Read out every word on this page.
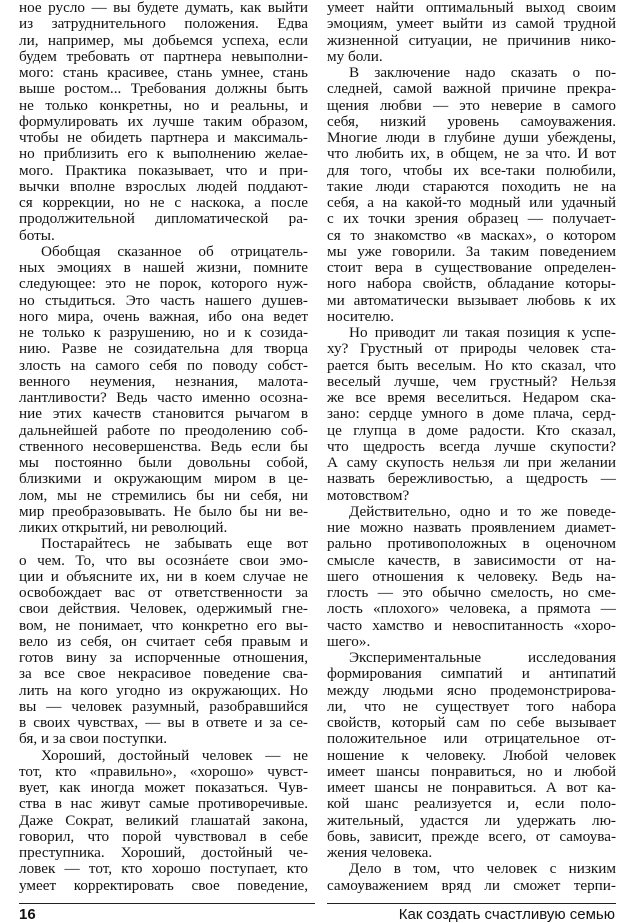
ное русло — вы будете думать, как выйти
из затруднительного положения. Едва
ли, например, мы добьемся успеха, если
будем требовать от партнера невыполни-
мого: стань красивее, стань умнее, стань
выше ростом... Требования должны быть
не только конкретны, но и реальны, и
формулировать их лучше таким образом,
чтобы не обидеть партнера и максималь-
но приблизить его к выполнению желае-
мого. Практика показывает, что и при-
вычки вполне взрослых людей поддают-
ся коррекции, но не с наскока, а после
продолжительной дипломатической ра-
боты.
Обобщая сказанное об отрицатель-
ных эмоциях в нашей жизни, помните
следующее: это не порок, которого нуж-
но стыдиться. Это часть нашего душев-
ного мира, очень важная, ибо она ведет
не только к разрушению, но и к созида-
нию. Разве не созидательна для творца
злость на самого себя по поводу собст-
венного неумения, незнания, малота-
лантливости? Ведь часто именно осозна-
ние этих качеств становится рычагом в
дальнейшей работе по преодолению соб-
ственного несовершенства. Ведь если бы
мы постоянно были довольны собой,
близкими и окружающим миром в це-
лом, мы не стремились бы ни себя, ни
мир преобразовывать. Не было бы ни ве-
ликих открытий, ни революций.
Постарайтесь не забывать еще вот
о чем. То, что вы осознáете свои эмо-
ции и объясните их, ни в коем случае не
освобождает вас от ответственности за
свои действия. Человек, одержимый гне-
вом, не понимает, что конкретно его вы-
вело из себя, он считает себя правым и
готов вину за испорченные отношения,
за все свое некрасивое поведение сва-
лить на кого угодно из окружающих. Но
вы — человек разумный, разобравшийся
в своих чувствах, — вы в ответе и за се-
бя, и за свои поступки.
Хороший, достойный человек — не
тот, кто «правильно», «хорошо» чувст-
вует, как иногда может показаться. Чув-
ства в нас живут самые противоречивые.
Даже Сократ, великий глашатай закона,
говорил, что порой чувствовал в себе
преступника. Хороший, достойный че-
ловек — тот, кто хорошо поступает, кто
умеет корректировать свое поведение,
умеет найти оптимальный выход своим
эмоциям, умеет выйти из самой трудной
жизненной ситуации, не причинив нико-
му боли.
В заключение надо сказать о по-
следней, самой важной причине прекра-
щения любви — это неверие в самого
себя, низкий уровень самоуважения.
Многие люди в глубине души убеждены,
что любить их, в общем, не за что. И вот
для того, чтобы их все-таки полюбили,
такие люди стараются походить не на
себя, а на какой-то модный или удачный
с их точки зрения образец — получает-
ся то знакомство «в масках», о котором
мы уже говорили. За таким поведением
стоит вера в существование определен-
ного набора свойств, обладание которы-
ми автоматически вызывает любовь к их
носителю.
Но приводит ли такая позиция к успе-
ху? Грустный от природы человек ста-
рается быть веселым. Но кто сказал, что
веселый лучше, чем грустный? Нельзя
же все время веселиться. Недаром ска-
зано: сердце умного в доме плача, серд-
це глупца в доме радости. Кто сказал,
что щедрость всегда лучше скупости?
А саму скупость нельзя ли при желании
назвать бережливостью, а щедрость —
мотовством?
Действительно, одно и то же поведе-
ние можно назвать проявлением диамет-
рально противоположных в оценочном
смысле качеств, в зависимости от на-
шего отношения к человеку. Ведь на-
глость — это обычно смелость, но сме-
лость «плохого» человека, а прямота —
часто хамство и невоспитанность «хоро-
шего».
Экспериментальные исследования
формирования симпатий и антипатий
между людьми ясно продемонстрирова-
ли, что не существует того набора
свойств, который сам по себе вызывает
положительное или отрицательное от-
ношение к человеку. Любой человек
имеет шансы понравиться, но и любой
имеет шансы не понравиться. А вот ка-
кой шанс реализуется и, если поло-
жительный, удастся ли удержать лю-
бовь, зависит, прежде всего, от самоува-
жения человека.
Дело в том, что человек с низким
самоуважением вряд ли сможет терпи-
16	Как создать счастливую семью
